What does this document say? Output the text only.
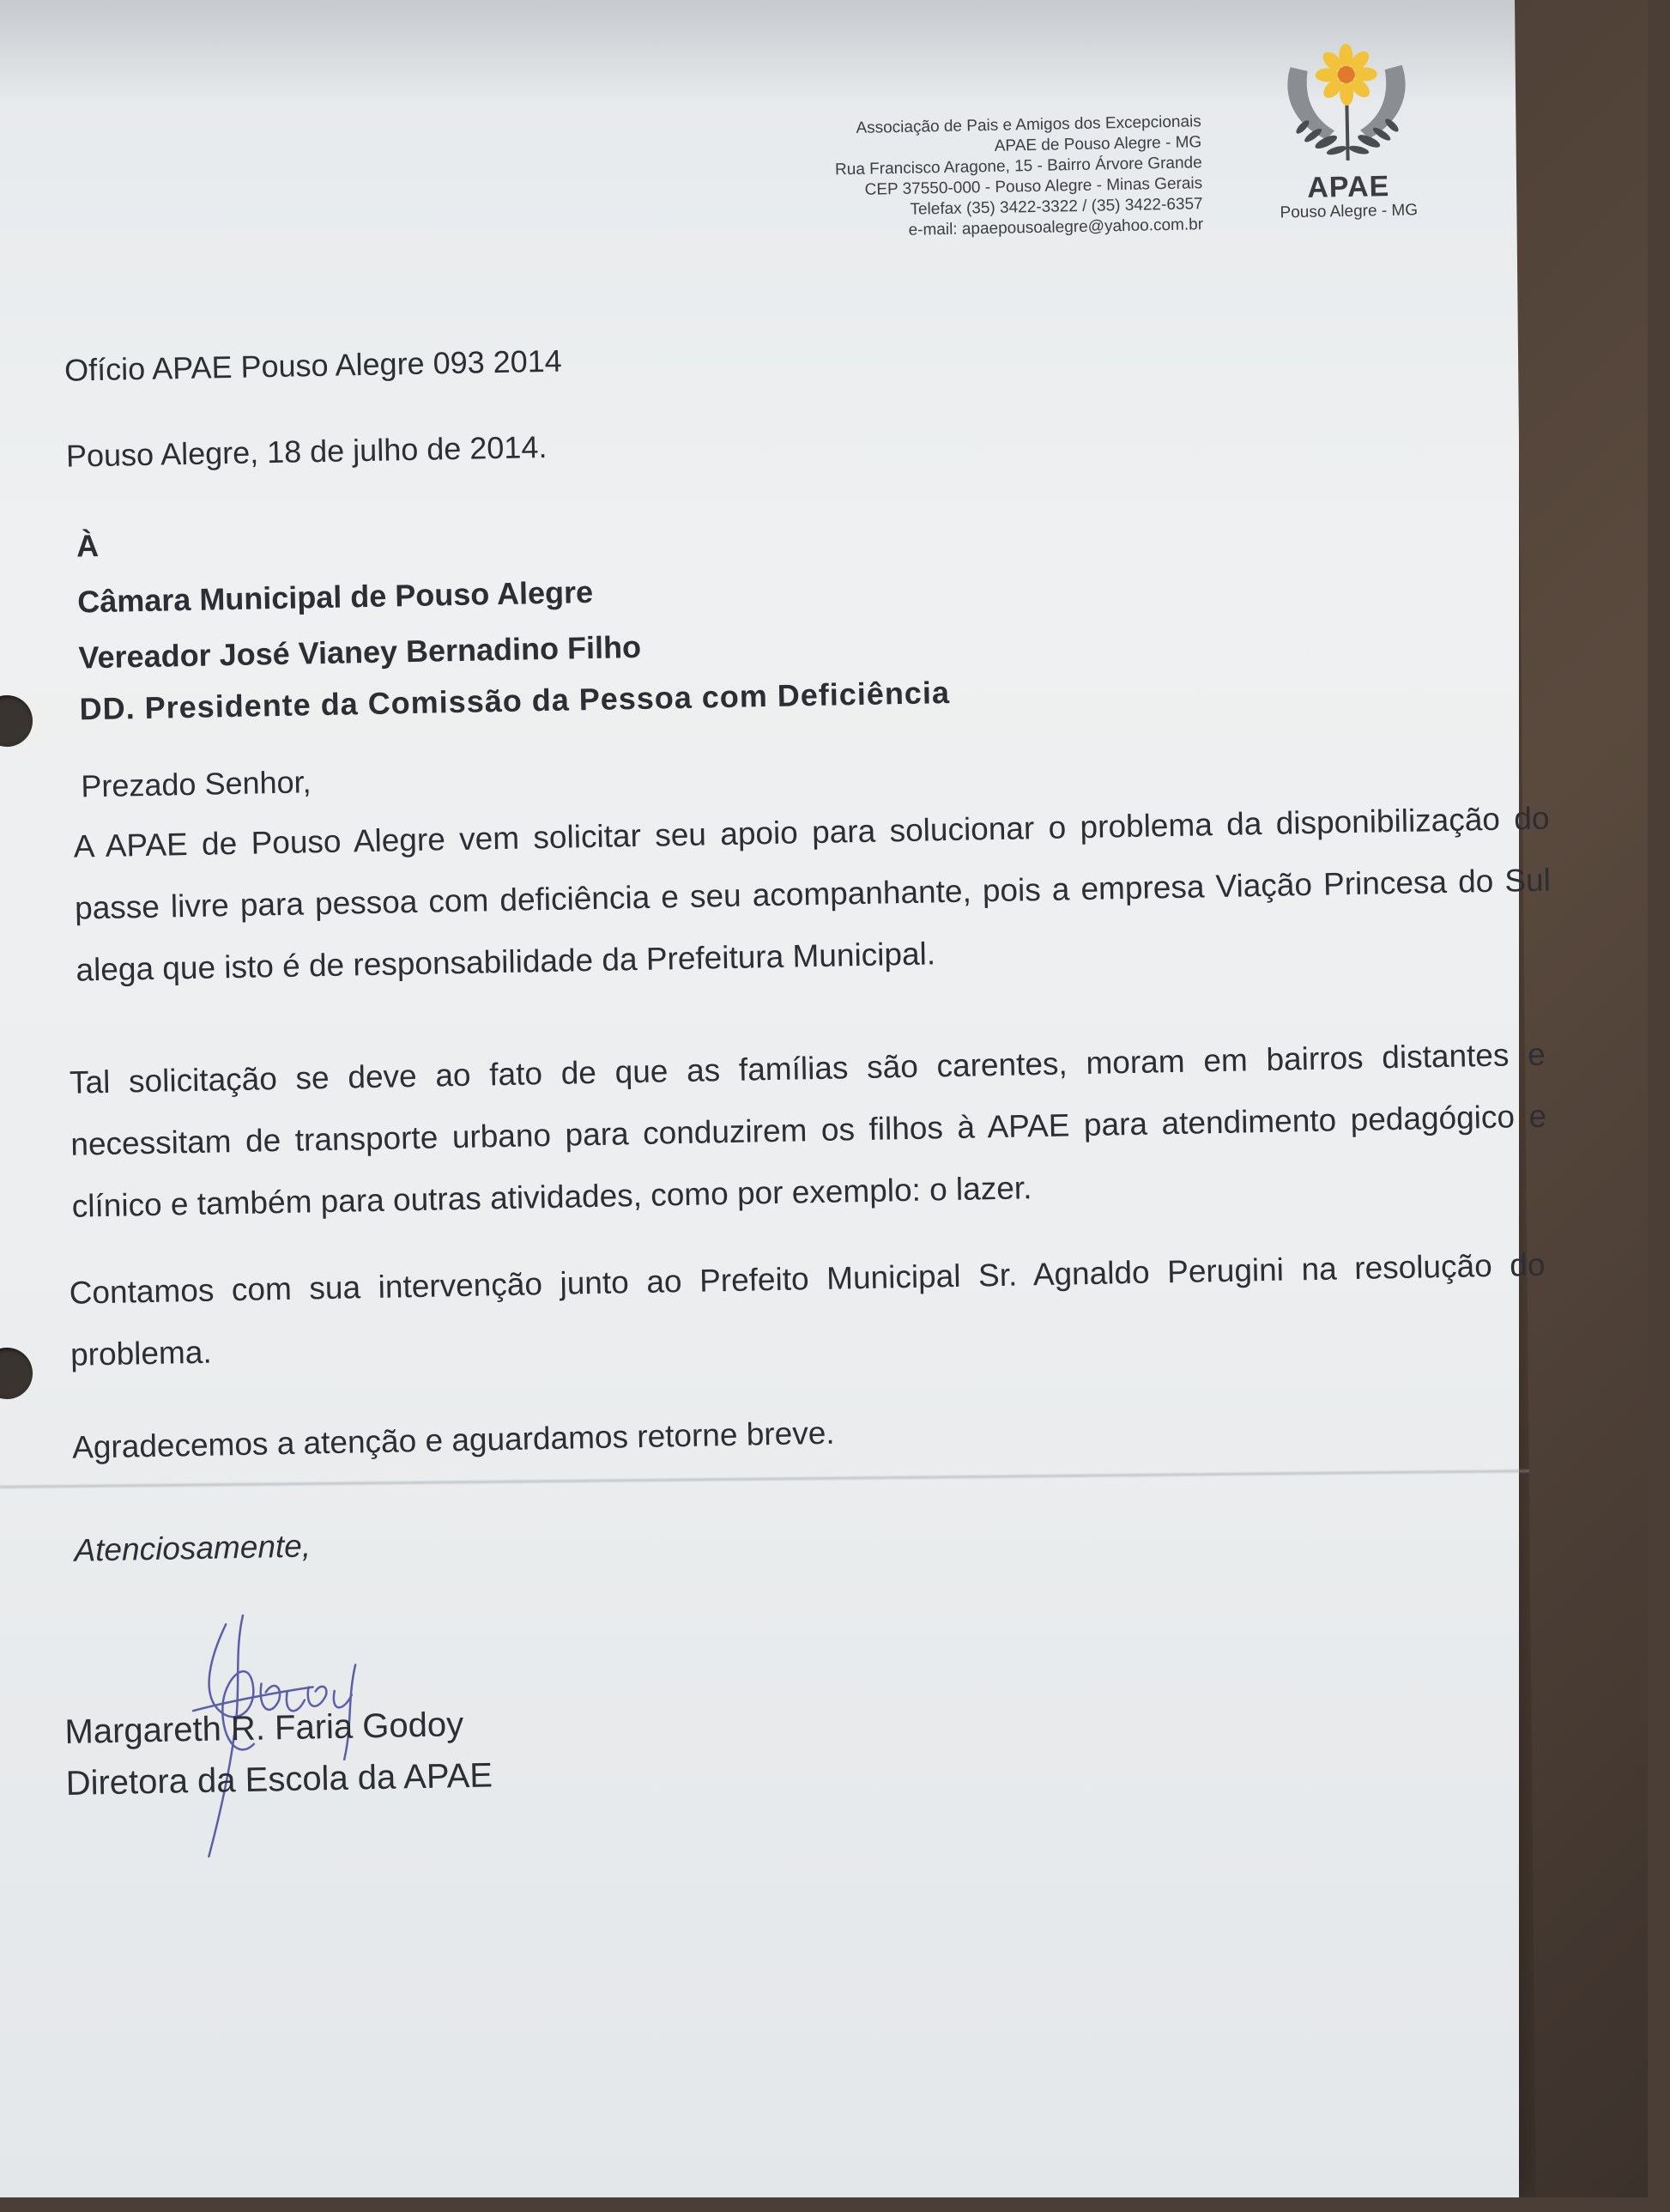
Associação de Pais e Amigos dos Excepcionais
APAE de Pouso Alegre - MG
Rua Francisco Aragone, 15 - Bairro Árvore Grande
CEP 37550-000 - Pouso Alegre - Minas Gerais
Telefax (35) 3422-3322 / (35) 3422-6357
e-mail: apaepousoalegre@yahoo.com.br
APAE
Pouso Alegre - MG
Ofício APAE Pouso Alegre 093 2014
Pouso Alegre, 18 de julho de 2014.
À
Câmara Municipal de Pouso Alegre
Vereador José Vianey Bernadino Filho
DD. Presidente da Comissão da Pessoa com Deficiência
Prezado Senhor,
A APAE de Pouso Alegre vem solicitar seu apoio para solucionar o problema da disponibilização do passe livre para pessoa com deficiência e seu acompanhante, pois a empresa Viação Princesa do Sul alega que isto é de responsabilidade da Prefeitura Municipal.
Tal solicitação se deve ao fato de que as famílias são carentes, moram em bairros distantes e necessitam de transporte urbano para conduzirem os filhos à APAE para atendimento pedagógico e clínico e também para outras atividades, como por exemplo: o lazer.
Contamos com sua intervenção junto ao Prefeito Municipal Sr. Agnaldo Perugini na resolução do problema.
Agradecemos a atenção e aguardamos retorne breve.
Atenciosamente,
Godoy
Margareth R. Faria Godoy
Diretora da Escola da APAE
